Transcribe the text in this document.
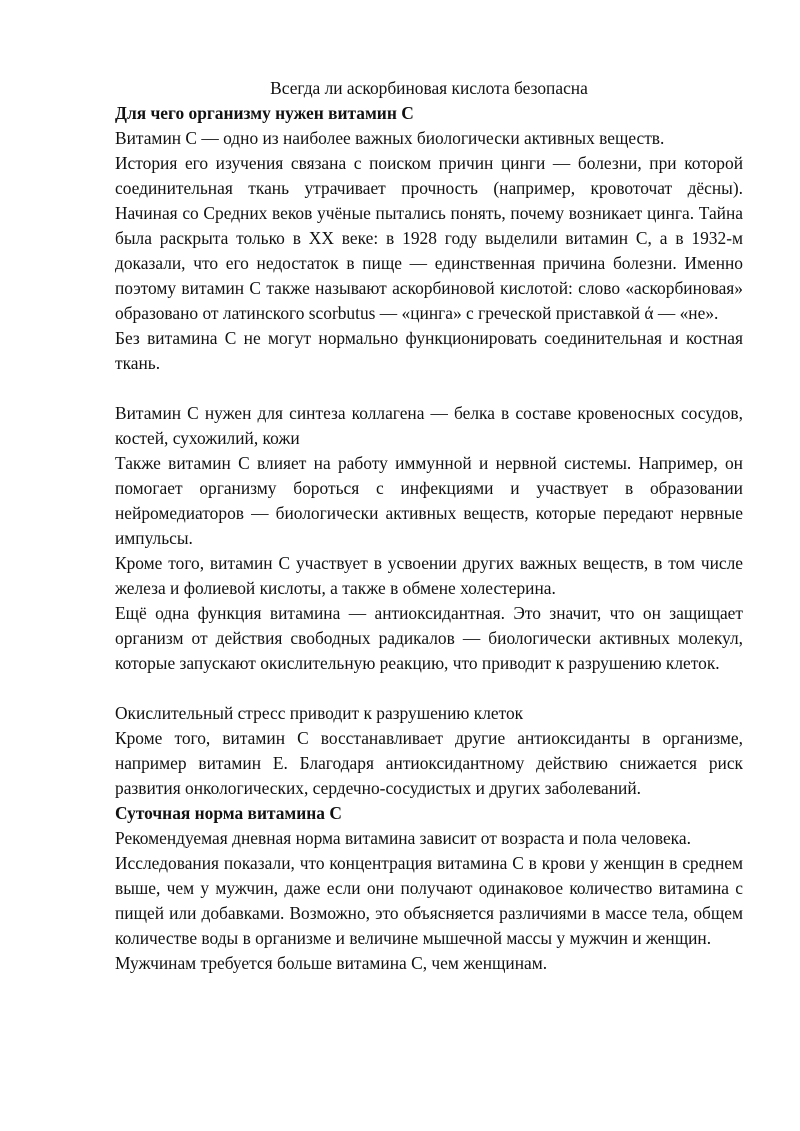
Всегда ли аскорбиновая кислота безопасна

Для чего организму нужен витамин С

Витамин C — одно из наиболее важных биологически активных веществ.

История его изучения связана с поиском причин цинги — болезни, при которой соединительная ткань утрачивает прочность (например, кровоточат дёсны). Начиная со Средних веков учёные пытались понять, почему возникает цинга. Тайна была раскрыта только в XX веке: в 1928 году выделили витамин С, а в 1932-м доказали, что его недостаток в пище — единственная причина болезни. Именно поэтому витамин С также называют аскорбиновой кислотой: слово «аскорбиновая» образовано от латинского scorbutus — «цинга» с греческой приставкой ά — «не».

Без витамина С не могут нормально функционировать соединительная и костная ткань.

Витамин С нужен для синтеза коллагена — белка в составе кровеносных сосудов, костей, сухожилий, кожи

Также витамин С влияет на работу иммунной и нервной системы. Например, он помогает организму бороться с инфекциями и участвует в образовании нейромедиаторов — биологически активных веществ, которые передают нервные импульсы.

Кроме того, витамин С участвует в усвоении других важных веществ, в том числе железа и фолиевой кислоты, а также в обмене холестерина.

Ещё одна функция витамина — антиоксидантная. Это значит, что он защищает организм от действия свободных радикалов — биологически активных молекул, которые запускают окислительную реакцию, что приводит к разрушению клеток.

Окислительный стресс приводит к разрушению клеток

Кроме того, витамин С восстанавливает другие антиоксиданты в организме, например витамин Е. Благодаря антиоксидантному действию снижается риск развития онкологических, сердечно-сосудистых и других заболеваний.

Суточная норма витамина С

Рекомендуемая дневная норма витамина зависит от возраста и пола человека.

Исследования показали, что концентрация витамина С в крови у женщин в среднем выше, чем у мужчин, даже если они получают одинаковое количество витамина с пищей или добавками. Возможно, это объясняется различиями в массе тела, общем количестве воды в организме и величине мышечной массы у мужчин и женщин.

Мужчинам требуется больше витамина С, чем женщинам.
